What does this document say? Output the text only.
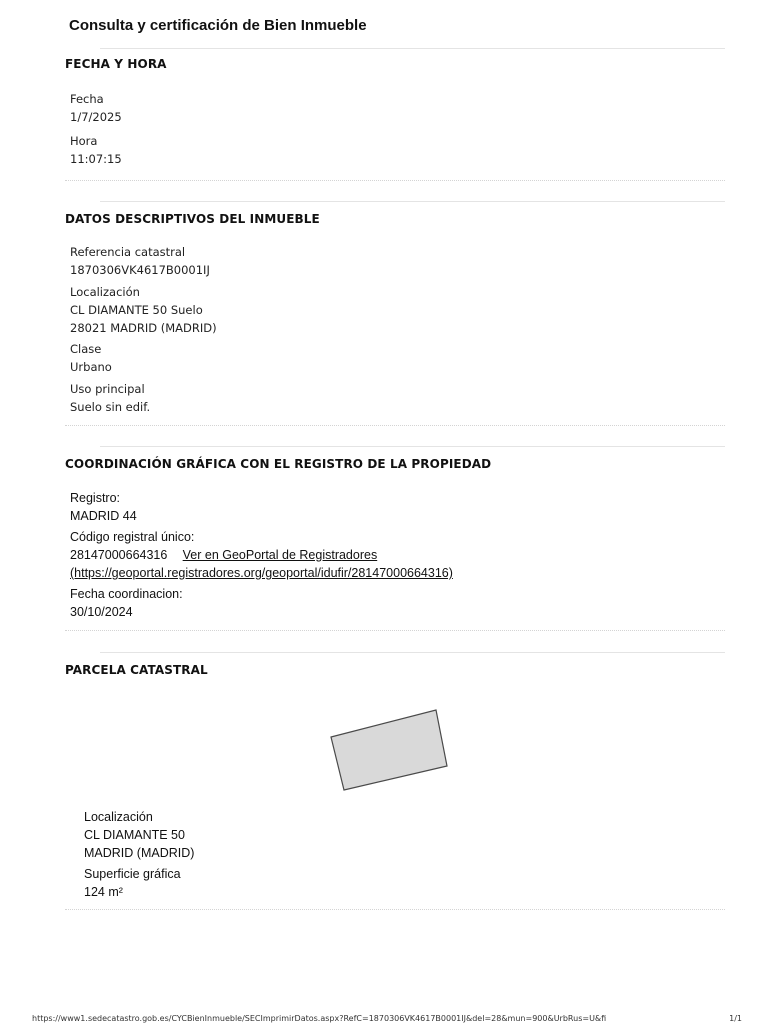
Consulta y certificación de Bien Inmueble
FECHA Y HORA
Fecha
1/7/2025
Hora
11:07:15
DATOS DESCRIPTIVOS DEL INMUEBLE
Referencia catastral
1870306VK4617B0001IJ
Localización
CL DIAMANTE 50 Suelo
28021 MADRID (MADRID)
Clase
Urbano
Uso principal
Suelo sin edif.
COORDINACIÓN GRÁFICA CON EL REGISTRO DE LA PROPIEDAD
Registro:
MADRID 44
Código registral único:
28147000664316 Ver en GeoPortal de Registradores
(https://geoportal.registradores.org/geoportal/idufir/28147000664316)
Fecha coordinacion:
30/10/2024
PARCELA CATASTRAL
Localización
CL DIAMANTE 50
MADRID (MADRID)
Superficie gráfica
124 m²
https://www1.sedecatastro.gob.es/CYCBienInmueble/SECImprimirDatos.aspx?RefC=1870306VK4617B0001IJ&del=28&mun=900&UrbRus=U&fi	1/1
